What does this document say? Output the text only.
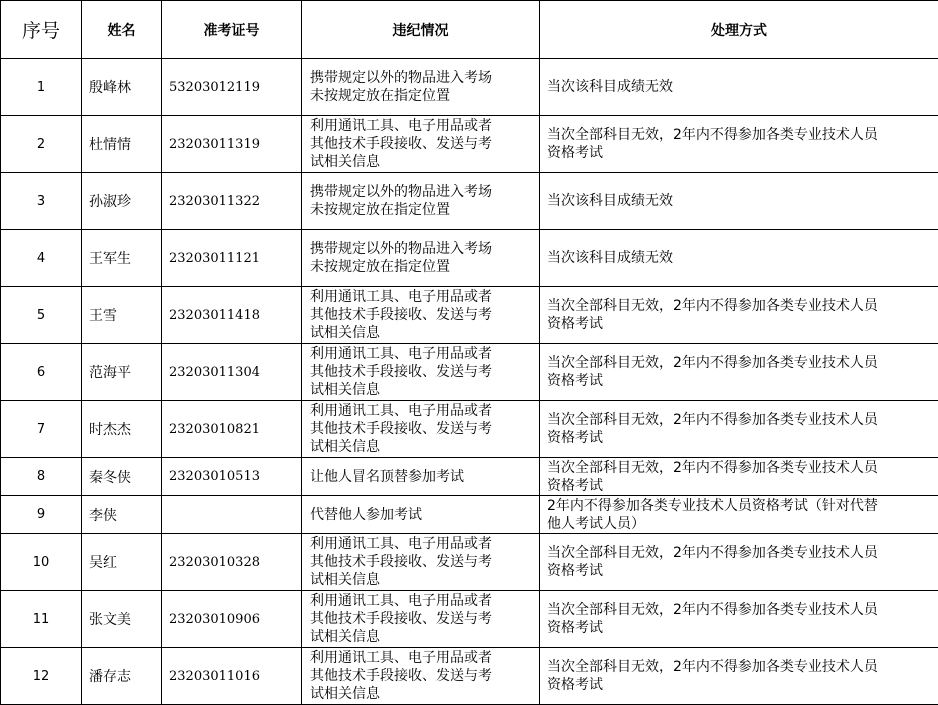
序号	姓名	准考证号	违纪情况	处理方式
1	殷峰林	53203012119	携带规定以外的物品进入考场
未按规定放在指定位置	当次该科目成绩无效
2	杜情情	23203011319	利用通讯工具、电子用品或者
其他技术手段接收、发送与考
试相关信息	当次全部科目无效，2年内不得参加各类专业技术人员
资格考试
3	孙淑珍	23203011322	携带规定以外的物品进入考场
未按规定放在指定位置	当次该科目成绩无效
4	王军生	23203011121	携带规定以外的物品进入考场
未按规定放在指定位置	当次该科目成绩无效
5	王雪	23203011418	利用通讯工具、电子用品或者
其他技术手段接收、发送与考
试相关信息	当次全部科目无效，2年内不得参加各类专业技术人员
资格考试
6	范海平	23203011304	利用通讯工具、电子用品或者
其他技术手段接收、发送与考
试相关信息	当次全部科目无效，2年内不得参加各类专业技术人员
资格考试
7	时杰杰	23203010821	利用通讯工具、电子用品或者
其他技术手段接收、发送与考
试相关信息	当次全部科目无效，2年内不得参加各类专业技术人员
资格考试
8	秦冬侠	23203010513	让他人冒名顶替参加考试	当次全部科目无效，2年内不得参加各类专业技术人员
资格考试
9	李侠		代替他人参加考试	2年内不得参加各类专业技术人员资格考试（针对代替
他人考试人员）
10	吴红	23203010328	利用通讯工具、电子用品或者
其他技术手段接收、发送与考
试相关信息	当次全部科目无效，2年内不得参加各类专业技术人员
资格考试
11	张文美	23203010906	利用通讯工具、电子用品或者
其他技术手段接收、发送与考
试相关信息	当次全部科目无效，2年内不得参加各类专业技术人员
资格考试
12	潘存志	23203011016	利用通讯工具、电子用品或者
其他技术手段接收、发送与考
试相关信息	当次全部科目无效，2年内不得参加各类专业技术人员
资格考试
